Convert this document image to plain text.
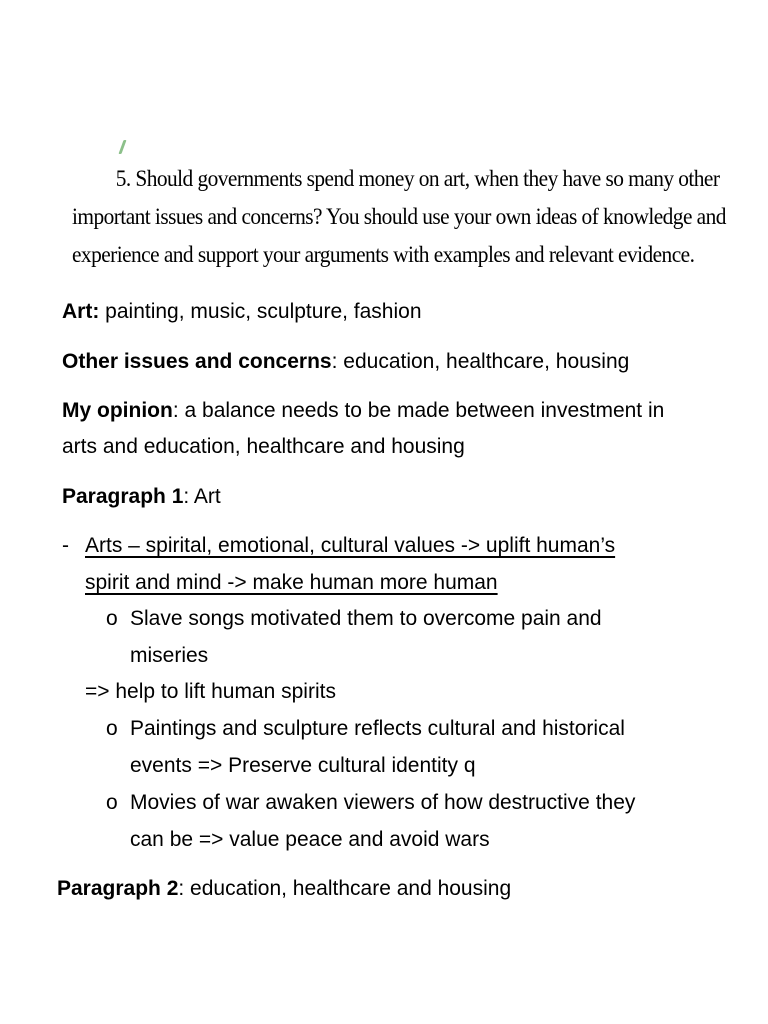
5. Should governments spend money on art, when they have so many other
important issues and concerns? You should use your own ideas of knowledge and
experience and support your arguments with examples and relevant evidence.
Art: painting, music, sculpture, fashion
Other issues and concerns: education, healthcare, housing
My opinion: a balance needs to be made between investment in
arts and education, healthcare and housing
Paragraph 1: Art
- Arts – spirital, emotional, cultural values -> uplift human’s
spirit and mind -> make human more human
o Slave songs motivated them to overcome pain and
miseries
=> help to lift human spirits
o Paintings and sculpture reflects cultural and historical
events => Preserve cultural identity q
o Movies of war awaken viewers of how destructive they
can be => value peace and avoid wars
Paragraph 2: education, healthcare and housing
